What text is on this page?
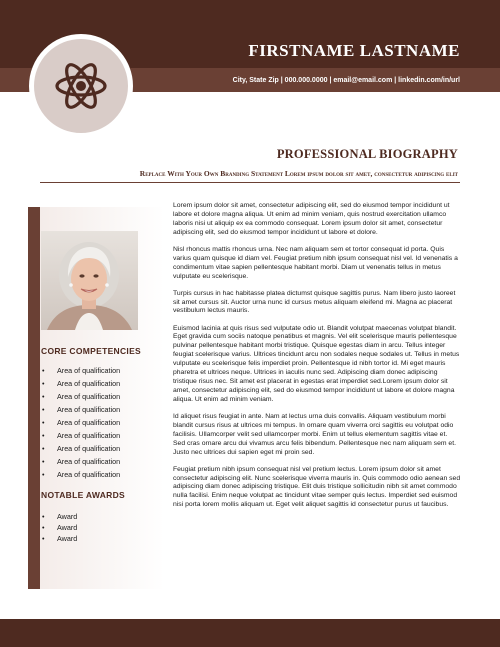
FIRSTNAME LASTNAME
City, State Zip | 000.000.0000 | email@email.com | linkedin.com/in/url
PROFESSIONAL BIOGRAPHY
Replace With Your Own Branding Statement Lorem ipsum dolor sit amet, consectetur adipiscing elit
CORE COMPETENCIES
• Area of qualification
• Area of qualification
• Area of qualification
• Area of qualification
• Area of qualification
• Area of qualification
• Area of qualification
• Area of qualification
• Area of qualification
NOTABLE AWARDS
• Award
• Award
• Award

Lorem ipsum dolor sit amet, consectetur adipiscing elit, sed do eiusmod tempor incididunt ut labore et dolore magna aliqua. Ut enim ad minim veniam, quis nostrud exercitation ullamco laboris nisi ut aliquip ex ea commodo consequat. Lorem ipsum dolor sit amet, consectetur adipiscing elit, sed do eiusmod tempor incididunt ut labore et dolore.

Nisl rhoncus mattis rhoncus urna. Nec nam aliquam sem et tortor consequat id porta. Quis varius quam quisque id diam vel. Feugiat pretium nibh ipsum consequat nisl vel. Id venenatis a condimentum vitae sapien pellentesque habitant morbi. Diam ut venenatis tellus in metus vulputate eu scelerisque.

Turpis cursus in hac habitasse platea dictumst quisque sagittis purus. Nam libero justo laoreet sit amet cursus sit. Auctor urna nunc id cursus metus aliquam eleifend mi. Magna ac placerat vestibulum lectus mauris.

Euismod lacinia at quis risus sed vulputate odio ut. Blandit volutpat maecenas volutpat blandit. Eget gravida cum sociis natoque penatibus et magnis. Vel elit scelerisque mauris pellentesque pulvinar pellentesque habitant morbi tristique. Quisque egestas diam in arcu. Tellus integer feugiat scelerisque varius. Ultrices tincidunt arcu non sodales neque sodales ut. Tellus in metus vulputate eu scelerisque felis imperdiet proin. Pellentesque id nibh tortor id. Mi eget mauris pharetra et ultrices neque. Ultrices in iaculis nunc sed. Adipiscing diam donec adipiscing tristique risus nec. Sit amet est placerat in egestas erat imperdiet sed.Lorem ipsum dolor sit amet, consectetur adipiscing elit, sed do eiusmod tempor incididunt ut labore et dolore magna aliqua. Ut enim ad minim veniam.

Id aliquet risus feugiat in ante. Nam at lectus urna duis convallis. Aliquam vestibulum morbi blandit cursus risus at ultrices mi tempus. In ornare quam viverra orci sagittis eu volutpat odio facilisis. Ullamcorper velit sed ullamcorper morbi. Enim ut tellus elementum sagittis vitae et. Sed cras ornare arcu dui vivamus arcu felis bibendum. Pellentesque nec nam aliquam sem et. Justo nec ultrices dui sapien eget mi proin sed.

Feugiat pretium nibh ipsum consequat nisl vel pretium lectus. Lorem ipsum dolor sit amet consectetur adipiscing elit. Nunc scelerisque viverra mauris in. Quis commodo odio aenean sed adipiscing diam donec adipiscing tristique. Elit duis tristique sollicitudin nibh sit amet commodo nulla facilisi. Enim neque volutpat ac tincidunt vitae semper quis lectus. Imperdiet sed euismod nisi porta lorem mollis aliquam ut. Eget velit aliquet sagittis id consectetur purus ut faucibus.
